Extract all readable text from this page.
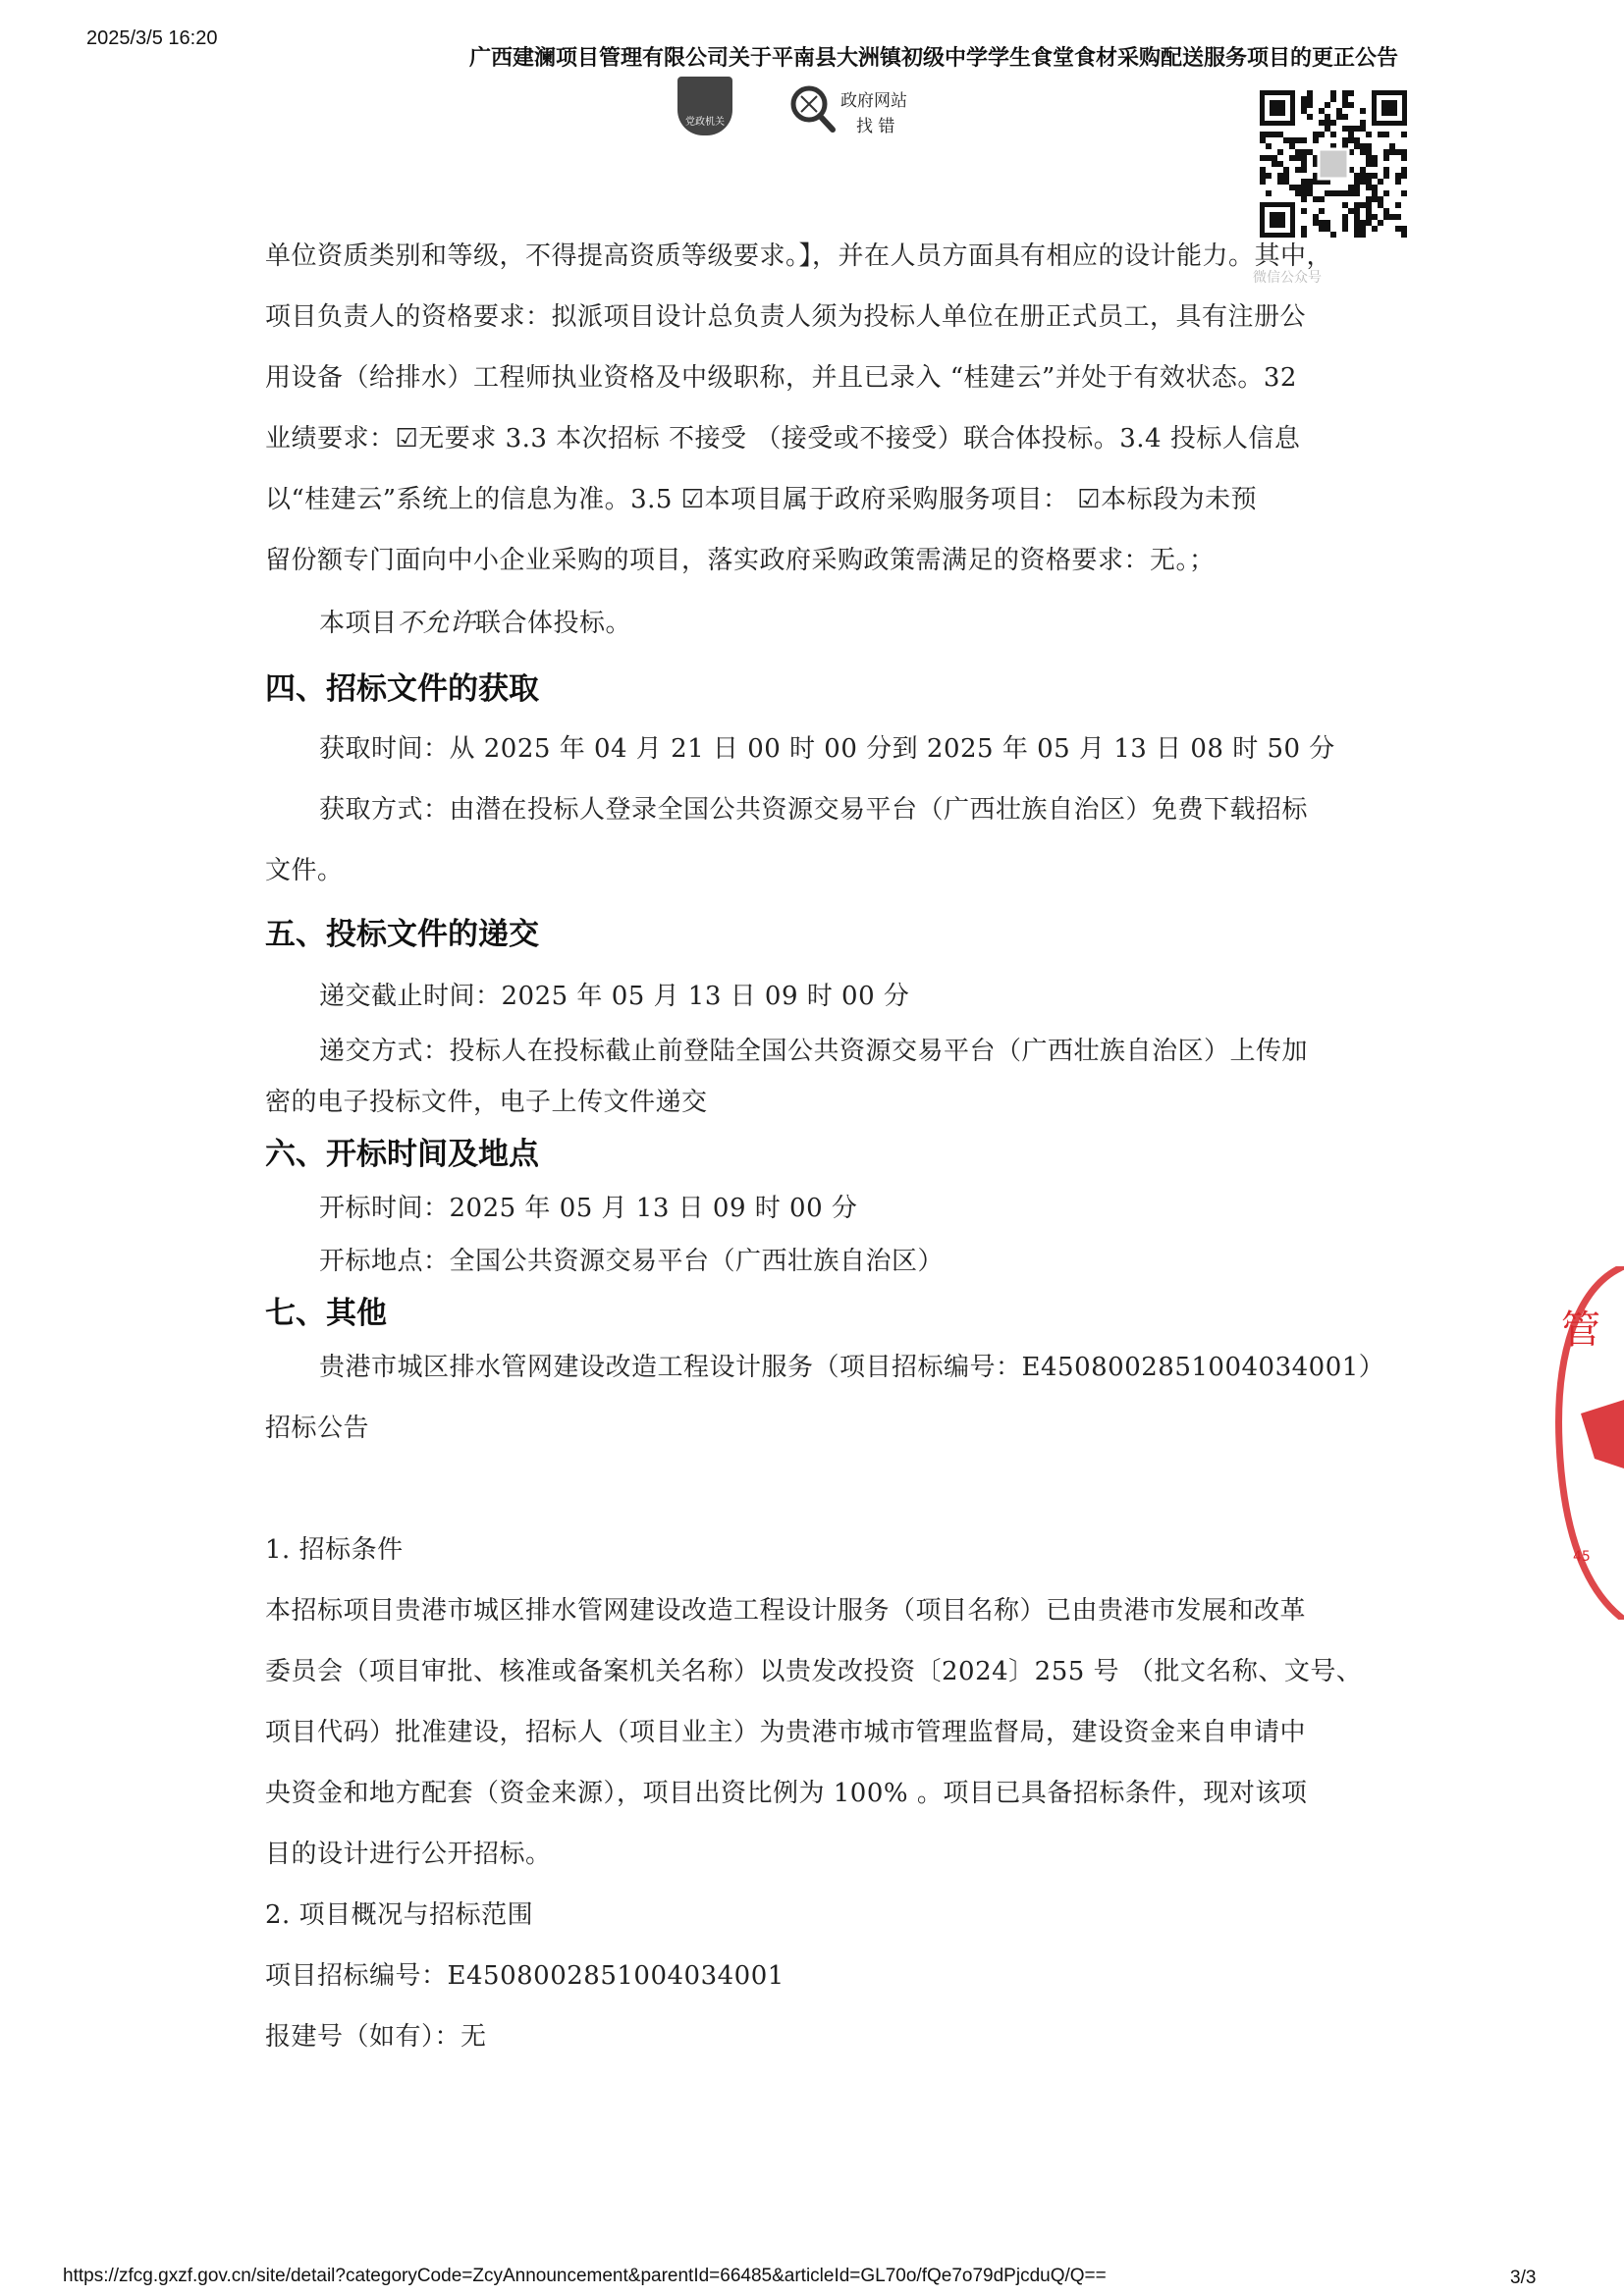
2025/3/5 16:20
广西建澜项目管理有限公司关于平南县大洲镇初级中学学生食堂食材采购配送服务项目的更正公告
党政机关
政府网站
找 错
微信公众号
单位资质类别和等级，不得提高资质等级要求。】，并在人员方面具有相应的设计能力。其中，
项目负责人的资格要求：拟派项目设计总负责人须为投标人单位在册正式员工，具有注册公
用设备（给排水）工程师执业资格及中级职称，并且已录入 “桂建云”并处于有效状态。32
业绩要求：☑无要求 3.3 本次招标 不接受 （接受或不接受）联合体投标。3.4 投标人信息
以“桂建云”系统上的信息为准。3.5 ☑本项目属于政府采购服务项目： ☑本标段为未预
留份额专门面向中小企业采购的项目，落实政府采购政策需满足的资格要求：无。；
本项目不允许联合体投标。
四、招标文件的获取
获取时间：从 2025 年 04 月 21 日 00 时 00 分到 2025 年 05 月 13 日 08 时 50 分
获取方式：由潜在投标人登录全国公共资源交易平台（广西壮族自治区）免费下载招标
文件。
五、投标文件的递交
递交截止时间：2025 年 05 月 13 日 09 时 00 分
递交方式：投标人在投标截止前登陆全国公共资源交易平台（广西壮族自治区）上传加
密的电子投标文件，电子上传文件递交
六、开标时间及地点
开标时间：2025 年 05 月 13 日 09 时 00 分
开标地点：全国公共资源交易平台（广西壮族自治区）
七、其他
贵港市城区排水管网建设改造工程设计服务（项目招标编号：E4508002851004034001）
招标公告
1. 招标条件
本招标项目贵港市城区排水管网建设改造工程设计服务（项目名称）已由贵港市发展和改革
委员会（项目审批、核准或备案机关名称）以贵发改投资〔2024〕255 号 （批文名称、文号、
项目代码）批准建设，招标人（项目业主）为贵港市城市管理监督局，建设资金来自申请中
央资金和地方配套（资金来源），项目出资比例为 100% 。项目已具备招标条件，现对该项
目的设计进行公开招标。
2. 项目概况与招标范围
项目招标编号：E4508002851004034001
报建号（如有）：无
管
45
https://zfcg.gxzf.gov.cn/site/detail?categoryCode=ZcyAnnouncement&parentId=66485&articleId=GL70o/fQe7o79dPjcduQ/Q==	3/3
